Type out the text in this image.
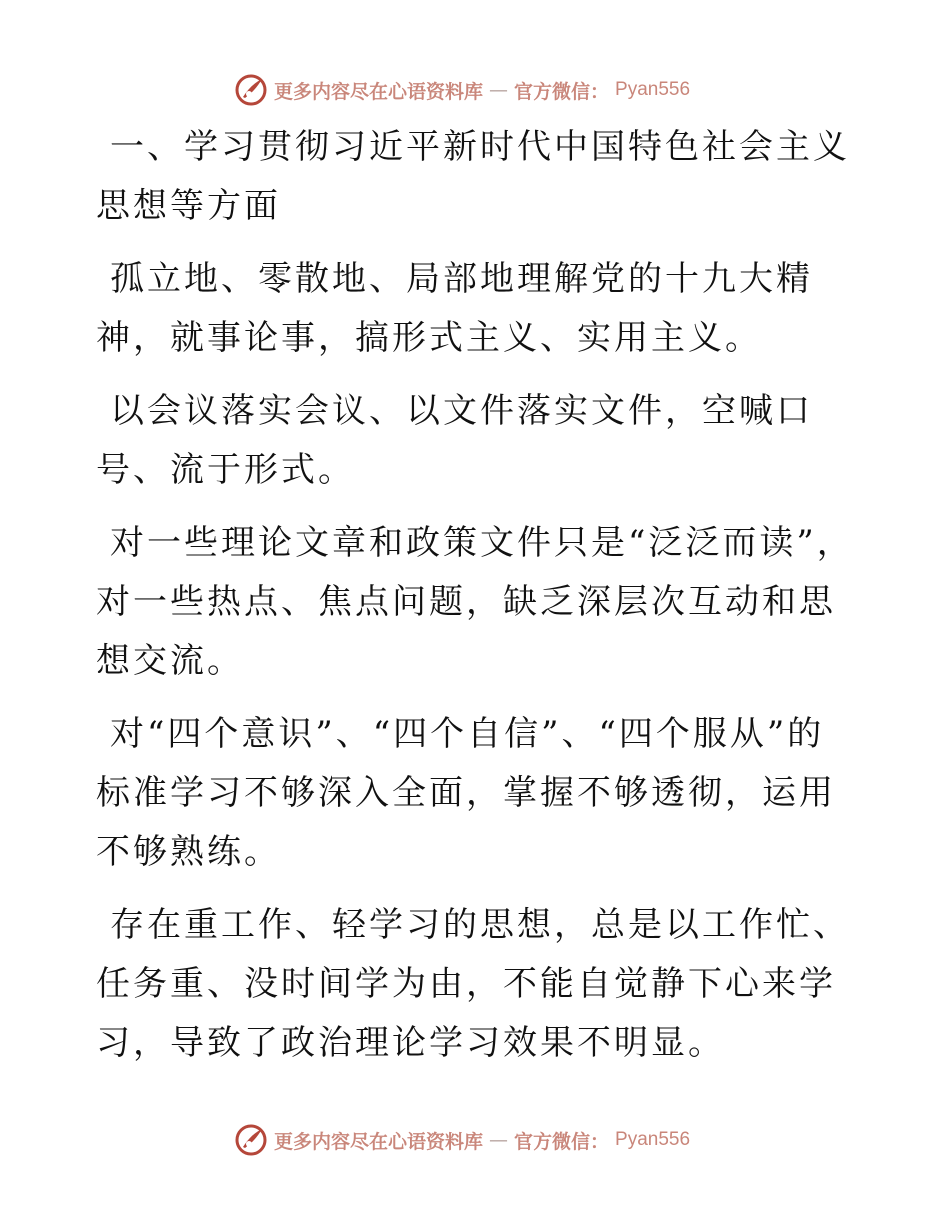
更多内容尽在心语资料库 — 官方微信： Pyan556

一、学习贯彻习近平新时代中国特色社会主义思想等方面

孤立地、零散地、局部地理解党的十九大精神，就事论事，搞形式主义、实用主义。

以会议落实会议、以文件落实文件，空喊口号、流于形式。

对一些理论文章和政策文件只是“泛泛而读”，对一些热点、焦点问题，缺乏深层次互动和思想交流。

对“四个意识”、“四个自信”、“四个服从”的标准学习不够深入全面，掌握不够透彻，运用不够熟练。

存在重工作、轻学习的思想，总是以工作忙、任务重、没时间学为由，不能自觉静下心来学习，导致了政治理论学习效果不明显。

更多内容尽在心语资料库 — 官方微信： Pyan556
